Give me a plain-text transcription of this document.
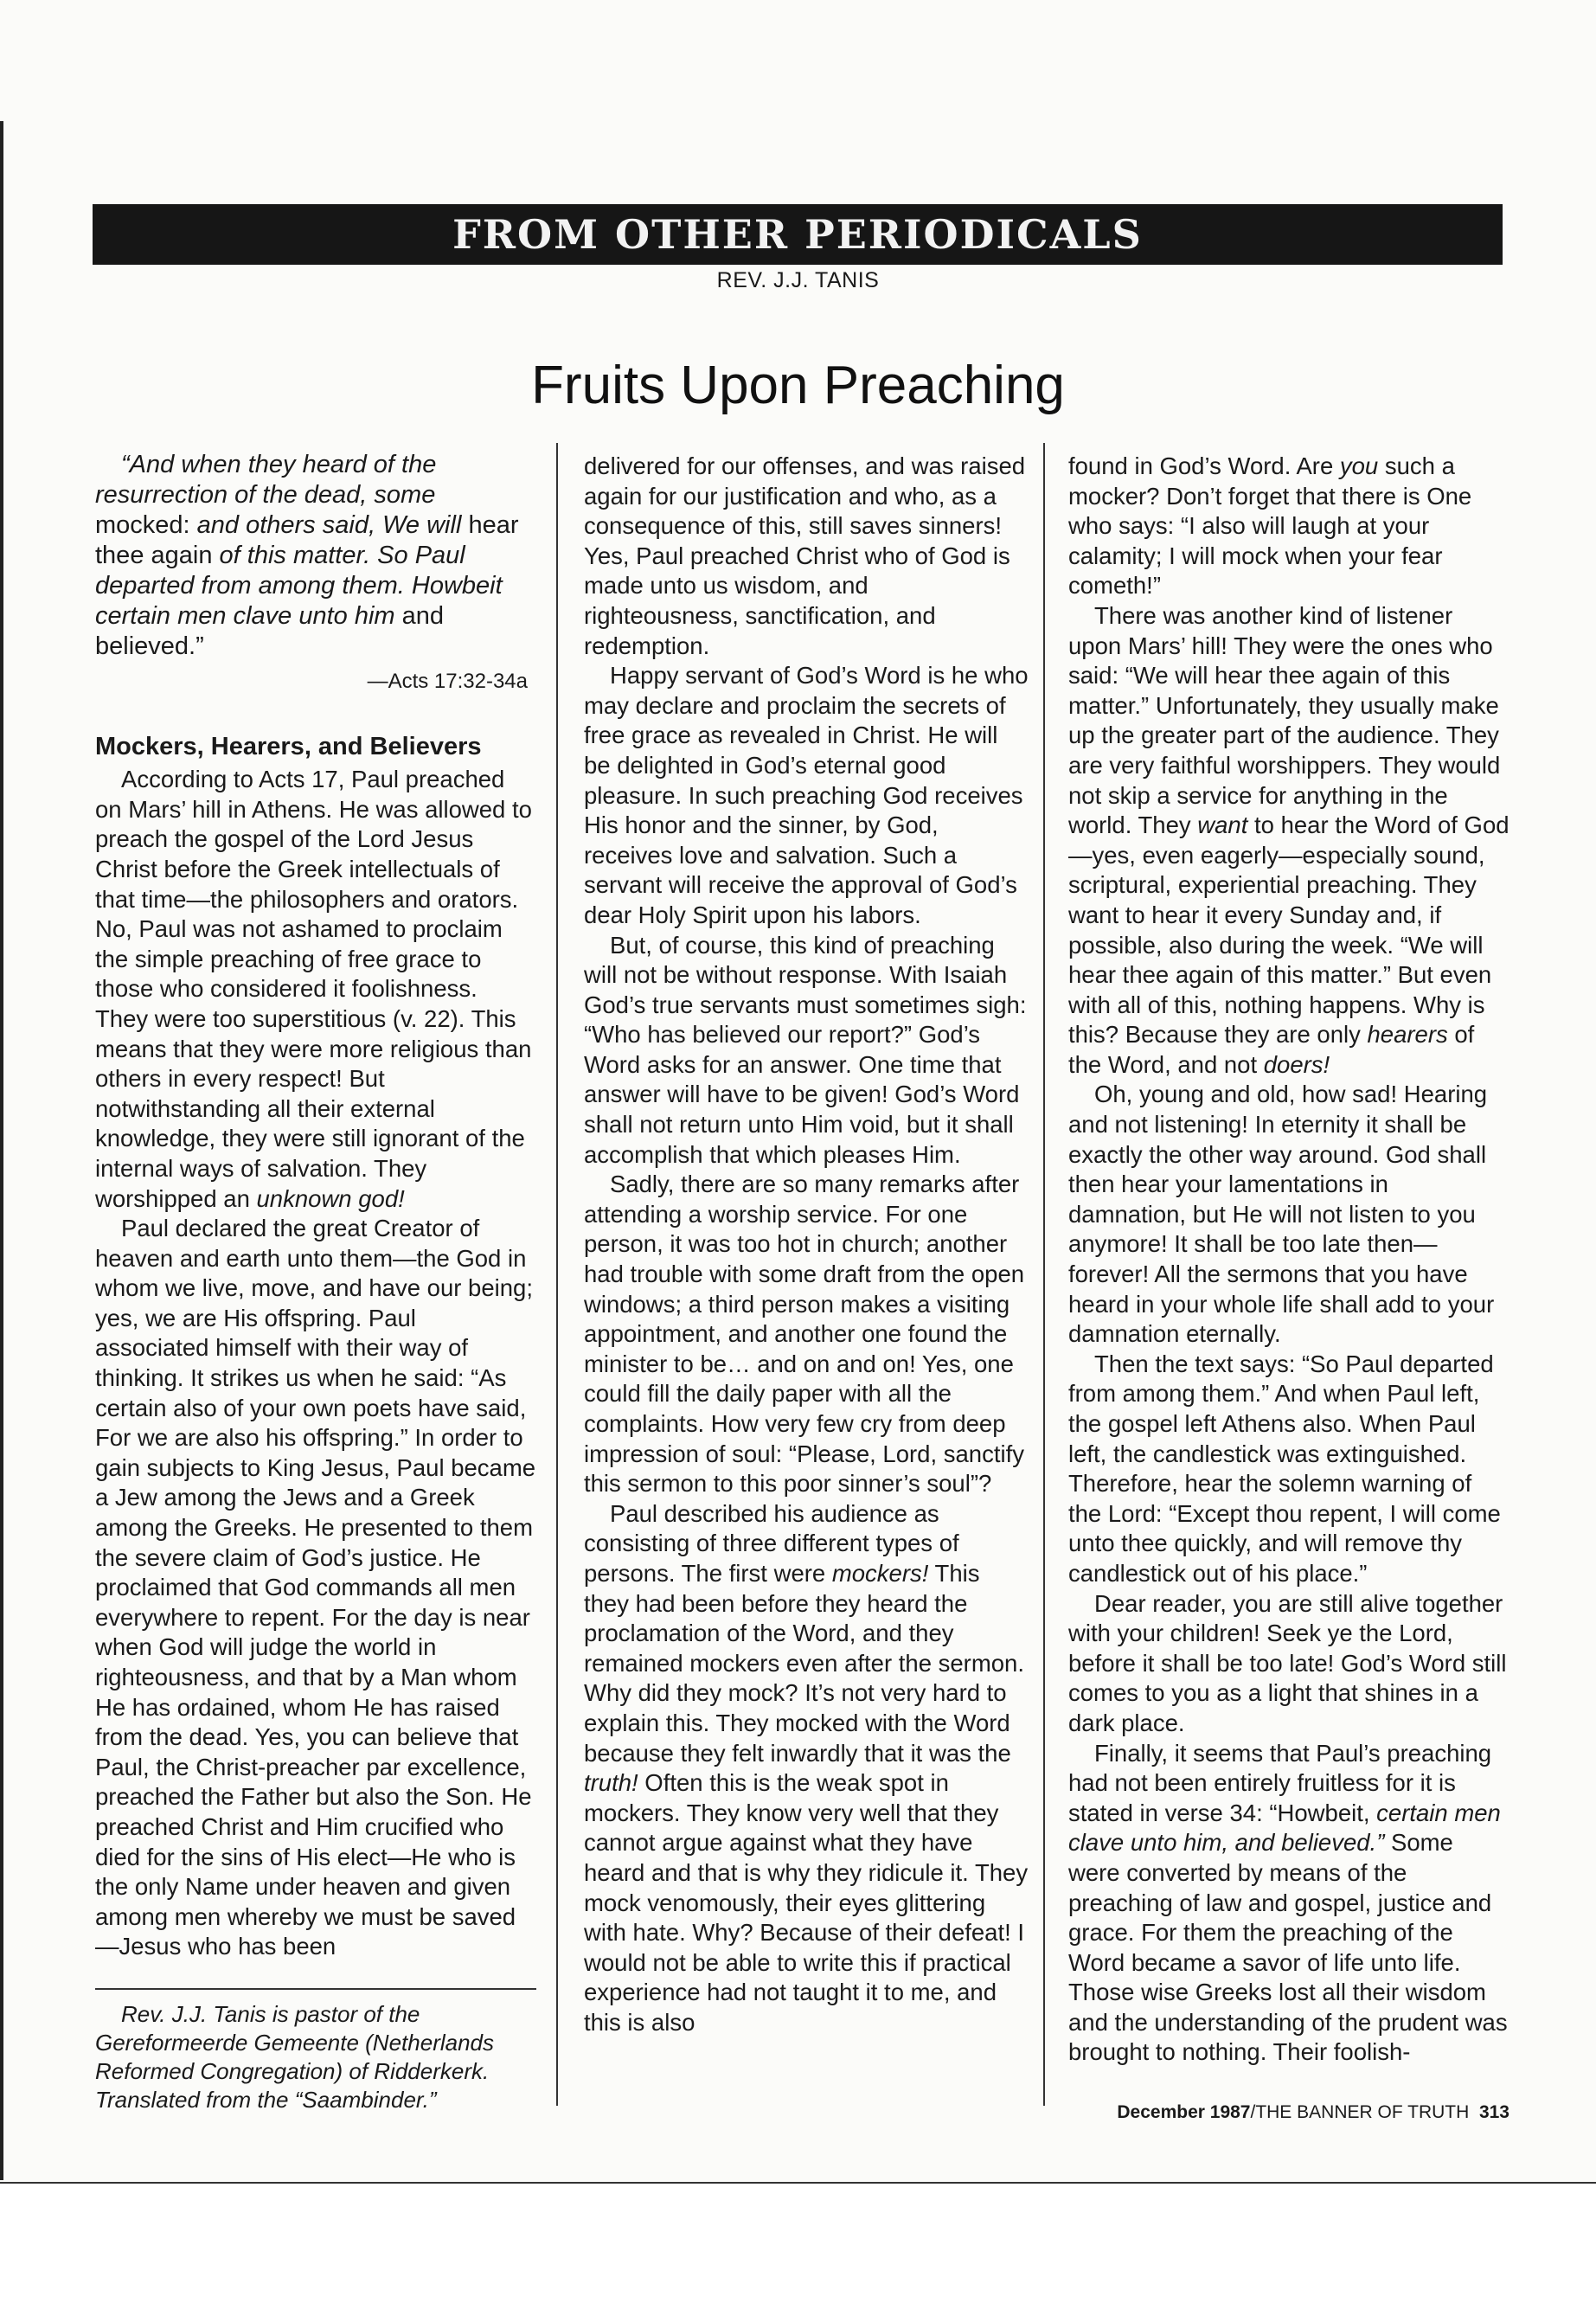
FROM OTHER PERIODICALS
REV. J.J. TANIS
Fruits Upon Preaching

“And when they heard of the resurrection of the dead, some mocked: and others said, We will hear thee again of this matter. So Paul departed from among them. Howbeit certain men clave unto him and believed.”

—Acts 17:32-34a
Mockers, Hearers, and Believers

According to Acts 17, Paul preached on Mars’ hill in Athens. He was allowed to preach the gospel of the Lord Jesus Christ before the Greek intellectuals of that time—the philosophers and orators. No, Paul was not ashamed to proclaim the simple preaching of free grace to those who considered it foolishness. They were too superstitious (v. 22). This means that they were more religious than others in every respect! But notwithstanding all their external knowledge, they were still ignorant of the internal ways of salvation. They worshipped an unknown god!

Paul declared the great Creator of heaven and earth unto them—the God in whom we live, move, and have our being; yes, we are His offspring. Paul associated himself with their way of thinking. It strikes us when he said: “As certain also of your own poets have said, For we are also his offspring.” In order to gain subjects to King Jesus, Paul became a Jew among the Jews and a Greek among the Greeks. He presented to them the severe claim of God’s justice. He proclaimed that God commands all men everywhere to repent. For the day is near when God will judge the world in righteousness, and that by a Man whom He has ordained, whom He has raised from the dead. Yes, you can believe that Paul, the Christ-preacher par excellence, preached the Father but also the Son. He preached Christ and Him crucified who died for the sins of His elect—He who is the only Name under heaven and given among men whereby we must be saved—Jesus who has been

Rev. J.J. Tanis is pastor of the Gereformeerde Gemeente (Netherlands Reformed Congregation) of Ridderkerk. Translated from the “Saambinder.”

delivered for our offenses, and was raised again for our justification and who, as a consequence of this, still saves sinners! Yes, Paul preached Christ who of God is made unto us wisdom, and righteousness, sanctification, and redemption.

Happy servant of God’s Word is he who may declare and proclaim the secrets of free grace as revealed in Christ. He will be delighted in God’s eternal good pleasure. In such preaching God receives His honor and the sinner, by God, receives love and salvation. Such a servant will receive the approval of God’s dear Holy Spirit upon his labors.

But, of course, this kind of preaching will not be without response. With Isaiah God’s true servants must sometimes sigh: “Who has believed our report?” God’s Word asks for an answer. One time that answer will have to be given! God’s Word shall not return unto Him void, but it shall accomplish that which pleases Him.

Sadly, there are so many remarks after attending a worship service. For one person, it was too hot in church; another had trouble with some draft from the open windows; a third person makes a visiting appointment, and another one found the minister to be… and on and on! Yes, one could fill the daily paper with all the complaints. How very few cry from deep impression of soul: “Please, Lord, sanctify this sermon to this poor sinner’s soul”?

Paul described his audience as consisting of three different types of persons. The first were mockers! This they had been before they heard the proclamation of the Word, and they remained mockers even after the sermon. Why did they mock? It’s not very hard to explain this. They mocked with the Word because they felt inwardly that it was the truth! Often this is the weak spot in mockers. They know very well that they cannot argue against what they have heard and that is why they ridicule it. They mock venomously, their eyes glittering with hate. Why? Because of their defeat! I would not be able to write this if practical experience had not taught it to me, and this is also

found in God’s Word. Are you such a mocker? Don’t forget that there is One who says: “I also will laugh at your calamity; I will mock when your fear cometh!”

There was another kind of listener upon Mars’ hill! They were the ones who said: “We will hear thee again of this matter.” Unfortunately, they usually make up the greater part of the audience. They are very faithful worshippers. They would not skip a service for anything in the world. They want to hear the Word of God—yes, even eagerly—especially sound, scriptural, experiential preaching. They want to hear it every Sunday and, if possible, also during the week. “We will hear thee again of this matter.” But even with all of this, nothing happens. Why is this? Because they are only hearers of the Word, and not doers!

Oh, young and old, how sad! Hearing and not listening! In eternity it shall be exactly the other way around. God shall then hear your lamentations in damnation, but He will not listen to you anymore! It shall be too late then—forever! All the sermons that you have heard in your whole life shall add to your damnation eternally.

Then the text says: “So Paul departed from among them.” And when Paul left, the gospel left Athens also. When Paul left, the candlestick was extinguished. Therefore, hear the solemn warning of the Lord: “Except thou repent, I will come unto thee quickly, and will remove thy candlestick out of his place.”

Dear reader, you are still alive together with your children! Seek ye the Lord, before it shall be too late! God’s Word still comes to you as a light that shines in a dark place.

Finally, it seems that Paul’s preaching had not been entirely fruitless for it is stated in verse 34: “Howbeit, certain men clave unto him, and believed.” Some were converted by means of the preaching of law and gospel, justice and grace. For them the preaching of the Word became a savor of life unto life. Those wise Greeks lost all their wisdom and the understanding of the prudent was brought to nothing. Their foolish-

December 1987/THE BANNER OF TRUTH 313
